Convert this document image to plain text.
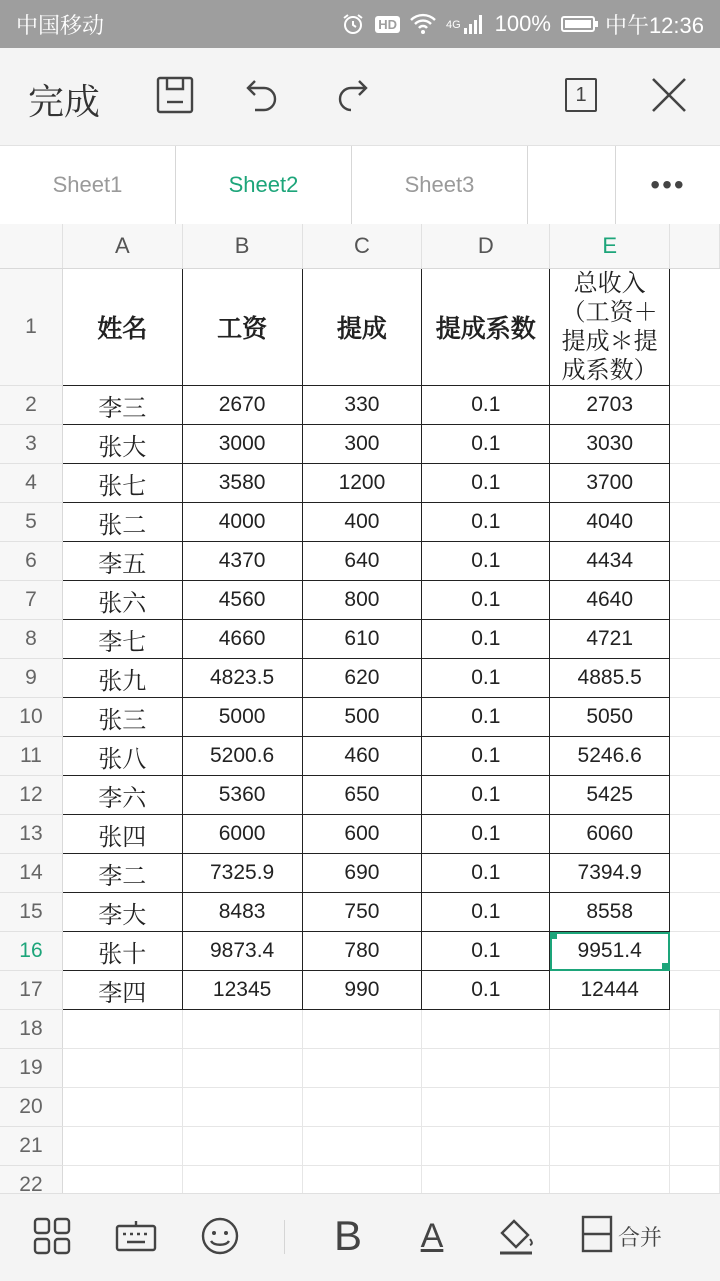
中国移动	HD	4G 100% 中午12:36
完成	1
Sheet1	Sheet2	Sheet3	•••
	A	B	C	D	E	
1	姓名	工资	提成	提成系数	总收入（工资＋提成＊提成系数）	
2	李三	2670	330	0.1	2703	
3	张大	3000	300	0.1	3030	
4	张七	3580	1200	0.1	3700	
5	张二	4000	400	0.1	4040	
6	李五	4370	640	0.1	4434	
7	张六	4560	800	0.1	4640	
8	李七	4660	610	0.1	4721	
9	张九	4823.5	620	0.1	4885.5	
10	张三	5000	500	0.1	5050	
11	张八	5200.6	460	0.1	5246.6	
12	李六	5360	650	0.1	5425	
13	张四	6000	600	0.1	6060	
14	李二	7325.9	690	0.1	7394.9	
15	李大	8483	750	0.1	8558	
16	张十	9873.4	780	0.1	9951.4

17	李四	12345	990	0.1	12444	
18						
19						
20						
21						
22						
B A	合并
